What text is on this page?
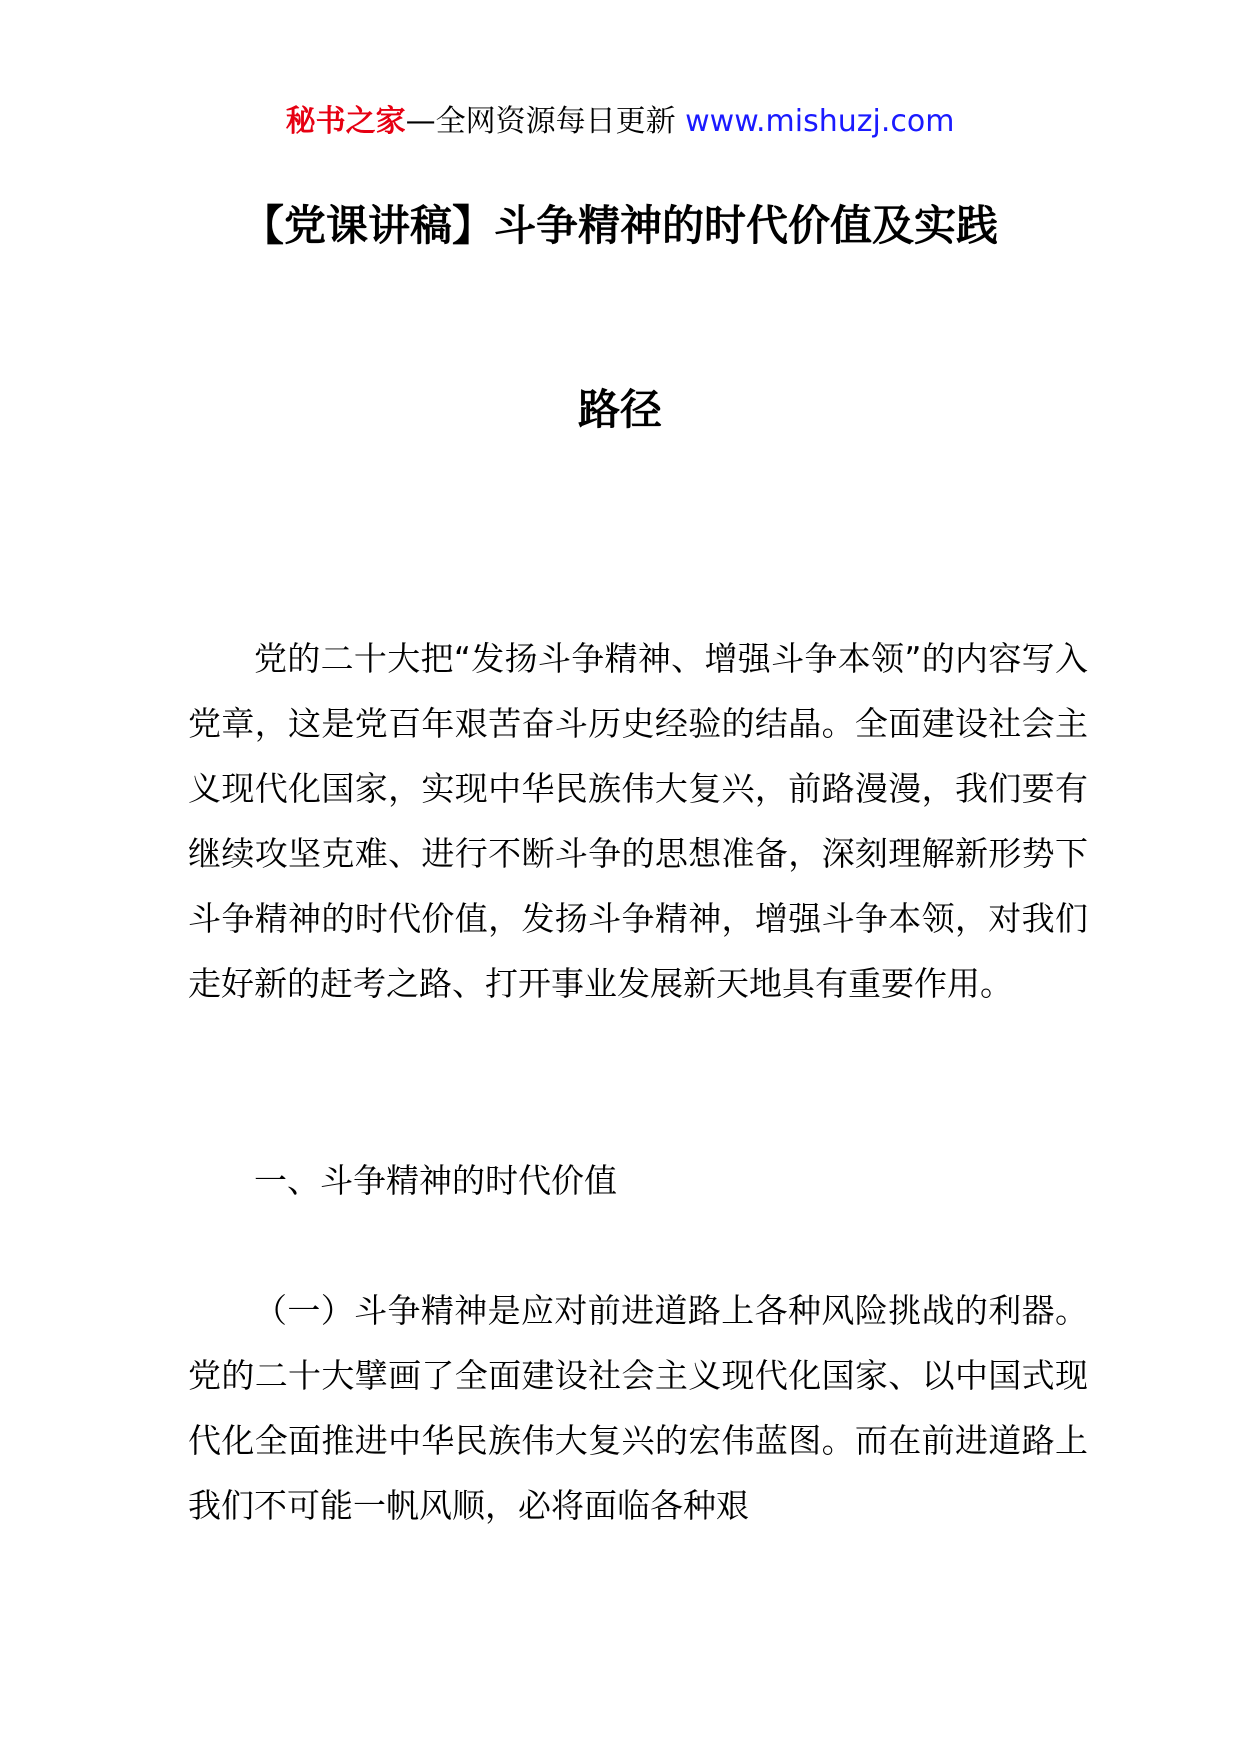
秘书之家—全网资源每日更新 www.mishuzj.com
【党课讲稿】斗争精神的时代价值及实践
路径

党的二十大把“发扬斗争精神、增强斗争本领”的内容写入党章，这是党百年艰苦奋斗历史经验的结晶。全面建设社会主义现代化国家，实现中华民族伟大复兴，前路漫漫，我们要有继续攻坚克难、进行不断斗争的思想准备，深刻理解新形势下斗争精神的时代价值，发扬斗争精神，增强斗争本领，对我们走好新的赶考之路、打开事业发展新天地具有重要作用。

一、斗争精神的时代价值

（一）斗争精神是应对前进道路上各种风险挑战的利器。党的二十大擘画了全面建设社会主义现代化国家、以中国式现代化全面推进中华民族伟大复兴的宏伟蓝图。而在前进道路上我们不可能一帆风顺，必将面临各种艰
